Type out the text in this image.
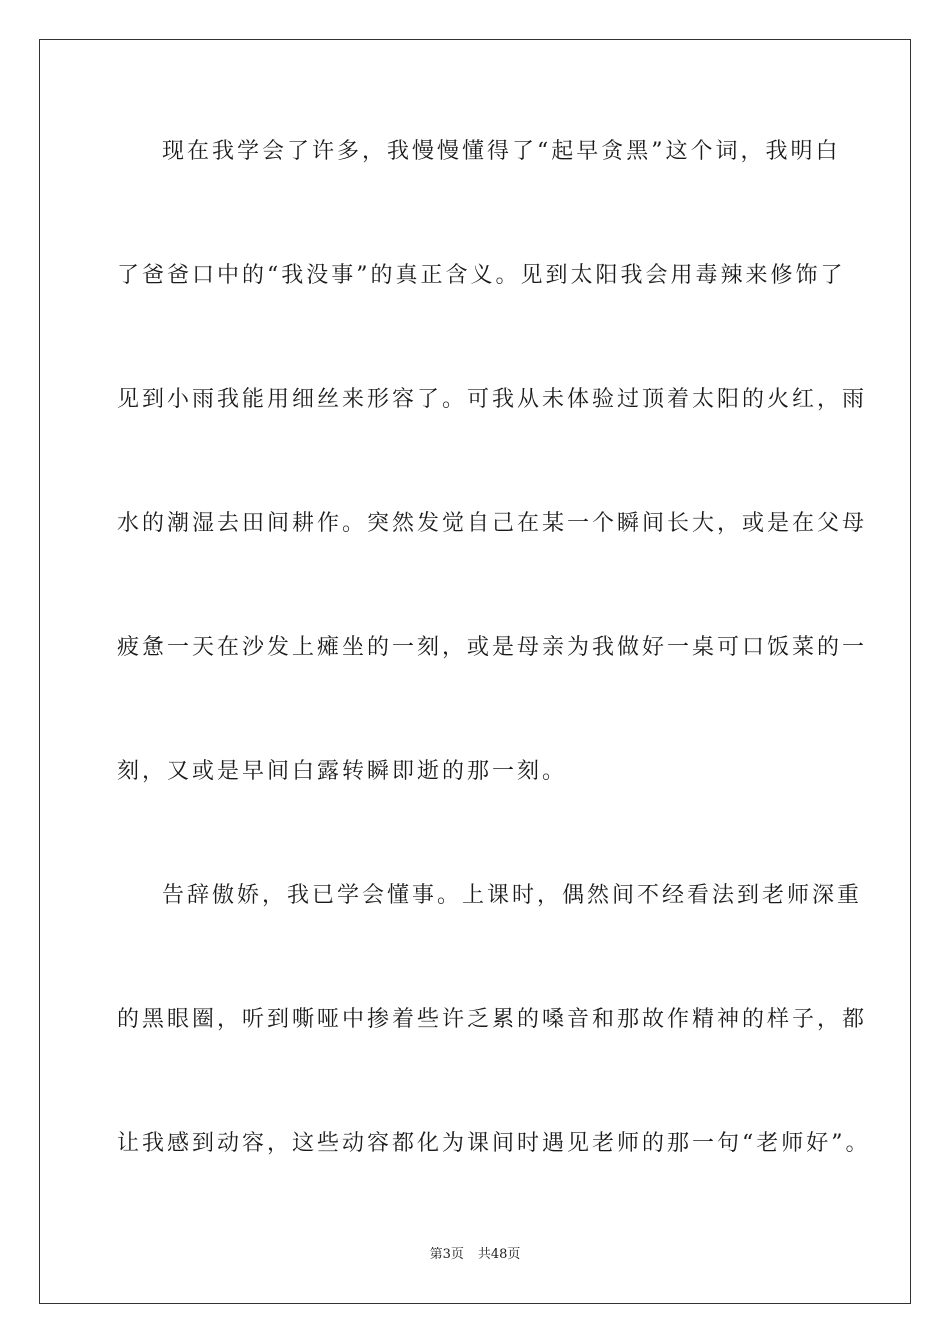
现在我学会了许多，我慢慢懂得了“起早贪黑”这个词，我明白
了爸爸口中的“我没事”的真正含义。见到太阳我会用毒辣来修饰了
见到小雨我能用细丝来形容了。可我从未体验过顶着太阳的火红，雨
水的潮湿去田间耕作。突然发觉自己在某一个瞬间长大，或是在父母
疲惫一天在沙发上瘫坐的一刻，或是母亲为我做好一桌可口饭菜的一
刻，又或是早间白露转瞬即逝的那一刻。
告辞傲娇，我已学会懂事。上课时，偶然间不经看法到老师深重
的黑眼圈，听到嘶哑中掺着些许乏累的嗓音和那故作精神的样子，都
让我感到动容，这些动容都化为课间时遇见老师的那一句“老师好”。
第3页 共48页
